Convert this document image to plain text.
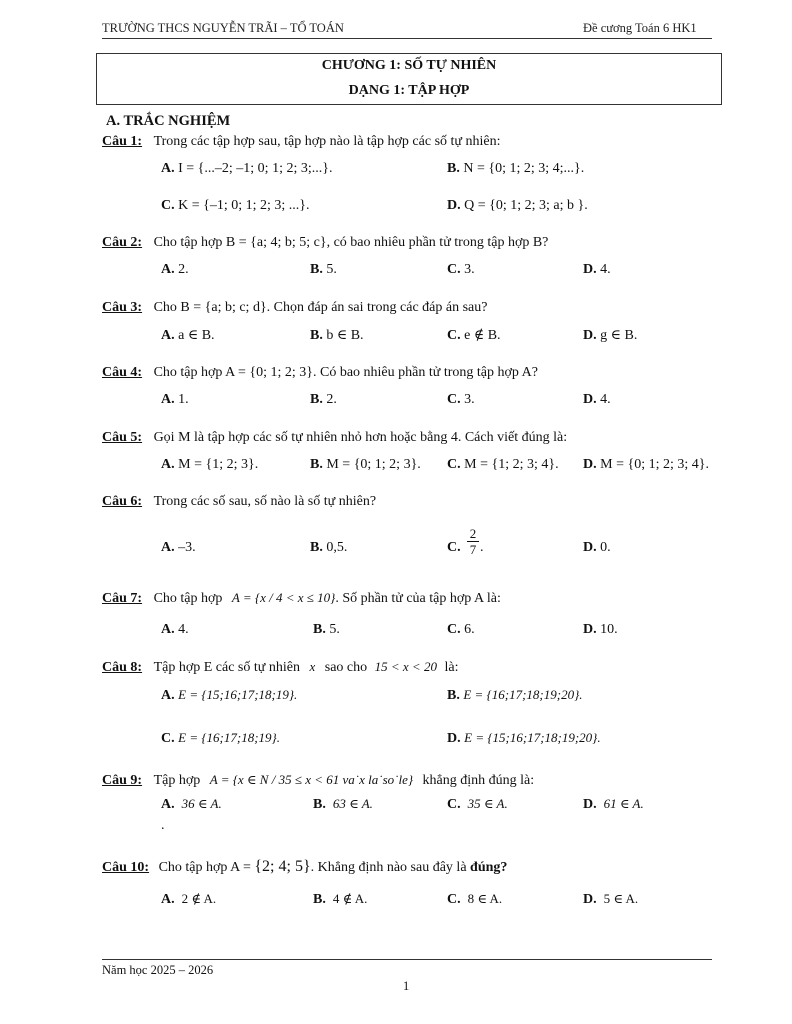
TRƯỜNG THCS NGUYỄN TRÃI – TỔ TOÁN	Đề cương Toán 6 HK1
CHƯƠNG 1: SỐ TỰ NHIÊN
DẠNG 1: TẬP HỢP
A. TRẮC NGHIỆM
Câu 1: Trong các tập hợp sau, tập hợp nào là tập hợp các số tự nhiên:
A. I = {...–2; –1; 0; 1; 2; 3;...}.	B. N = {0; 1; 2; 3; 4;...}.
C. K = {–1; 0; 1; 2; 3; ...}.	D. Q = {0; 1; 2; 3; a; b }.
Câu 2: Cho tập hợp B = {a; 4; b; 5; c}, có bao nhiêu phần tử trong tập hợp B?
A. 2.	B. 5.	C. 3.	D. 4.
Câu 3: Cho B = {a; b; c; d}. Chọn đáp án sai trong các đáp án sau?
A. a ∈ B.	B. b ∈ B.	C. e ∉ B.	D. g ∈ B.
Câu 4: Cho tập hợp A = {0; 1; 2; 3}. Có bao nhiêu phần tử trong tập hợp A?
A. 1.	B. 2.	C. 3.	D. 4.
Câu 5: Gọi M là tập hợp các số tự nhiên nhỏ hơn hoặc bằng 4. Cách viết đúng là:
A. M = {1; 2; 3}.	B. M = {0; 1; 2; 3}. C. M = {1; 2; 3; 4}. D. M = {0; 1; 2; 3; 4}.
Câu 6: Trong các số sau, số nào là số tự nhiên?
A. –3.	B. 0,5.	C. $\frac{2}{7}$ .	D. 0.
Câu 7: Cho tập hợp A = {x / 4 < x ≤ 10}. Số phần tử của tập hợp A là:
A. 4.	B. 5.	C. 6.	D. 10.
Câu 8: Tập hợp E các số tự nhiên x sao cho 15 < x < 20 là:
A. E = {15;16;17;18;19}.	B. E = {16;17;18;19;20}.
C. E = {16;17;18;19}.	D. E = {15;16;17;18;19;20}.
Câu 9: Tập hợp A = {x ∈ N / 35 ≤ x < 61 va˙x la˙so˙le} khẳng định đúng là:
A. 36 ∈ A.	B. 63 ∈ A.	C. 35 ∈ A.	D. 61 ∈ A.
.
Câu 10: Cho tập hợp A = {2; 4; 5}. Khẳng định nào sau đây là đúng?
A. 2 ∉ A.	B. 4 ∉ A.	C. 8 ∈ A.	D. 5 ∈ A.
Năm học 2025 – 2026
1
